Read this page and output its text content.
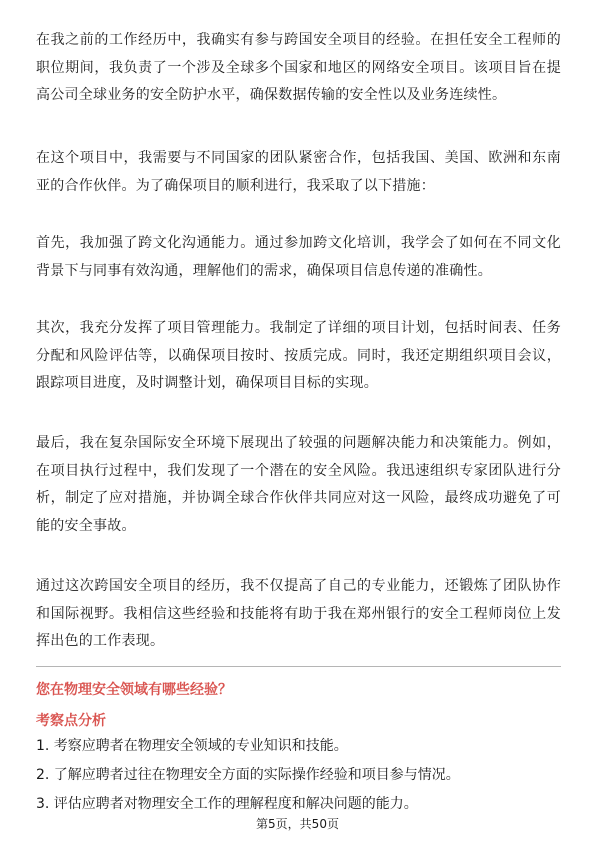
在我之前的工作经历中，我确实有参与跨国安全项目的经验。在担任安全工程师的职位期间，我负责了一个涉及全球多个国家和地区的网络安全项目。该项目旨在提高公司全球业务的安全防护水平，确保数据传输的安全性以及业务连续性。

在这个项目中，我需要与不同国家的团队紧密合作，包括我国、美国、欧洲和东南亚的合作伙伴。为了确保项目的顺利进行，我采取了以下措施：

首先，我加强了跨文化沟通能力。通过参加跨文化培训，我学会了如何在不同文化背景下与同事有效沟通，理解他们的需求，确保项目信息传递的准确性。

其次，我充分发挥了项目管理能力。我制定了详细的项目计划，包括时间表、任务分配和风险评估等，以确保项目按时、按质完成。同时，我还定期组织项目会议，跟踪项目进度，及时调整计划，确保项目目标的实现。

最后，我在复杂国际安全环境下展现出了较强的问题解决能力和决策能力。例如，在项目执行过程中，我们发现了一个潜在的安全风险。我迅速组织专家团队进行分析，制定了应对措施，并协调全球合作伙伴共同应对这一风险，最终成功避免了可能的安全事故。

通过这次跨国安全项目的经历，我不仅提高了自己的专业能力，还锻炼了团队协作和国际视野。我相信这些经验和技能将有助于我在郑州银行的安全工程师岗位上发挥出色的工作表现。

您在物理安全领域有哪些经验？

考察点分析

1. 考察应聘者在物理安全领域的专业知识和技能。

2. 了解应聘者过往在物理安全方面的实际操作经验和项目参与情况。

3. 评估应聘者对物理安全工作的理解程度和解决问题的能力。

第5页，共50页
